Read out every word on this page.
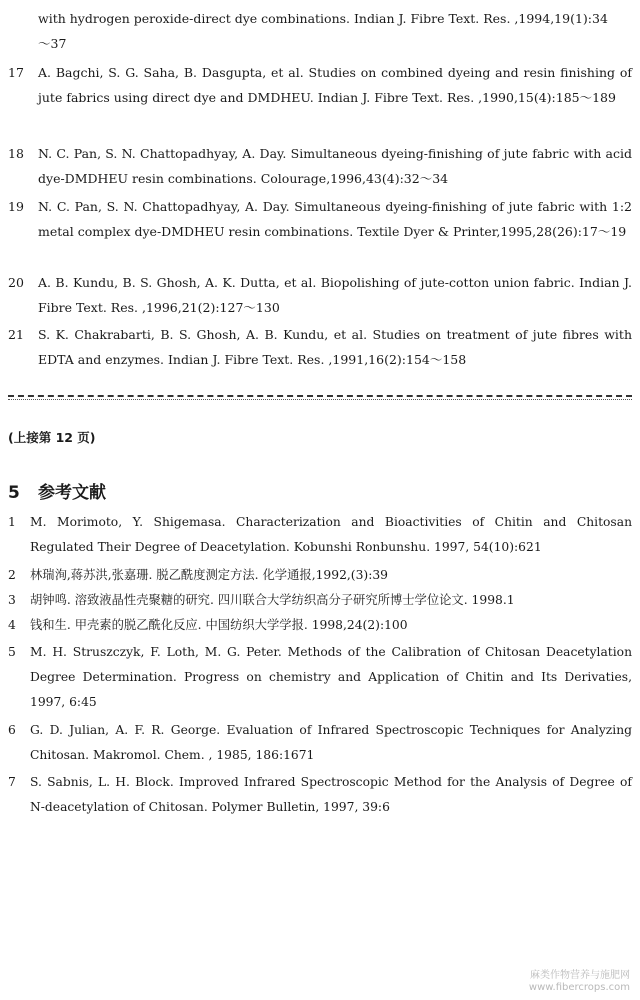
with hydrogen peroxide-direct dye combinations. Indian J. Fibre Text. Res. ,1994,19(1):34
～37
17	A. Bagchi, S. G. Saha, B. Dasgupta, et al. Studies on combined dyeing and resin finishing of jute fabrics using direct dye and DMDHEU. Indian J. Fibre Text. Res. ,1990,15(4):185～189
18	N. C. Pan, S. N. Chattopadhyay, A. Day. Simultaneous dyeing-finishing of jute fabric with acid dye-DMDHEU resin combinations. Colourage,1996,43(4):32～34
19	N. C. Pan, S. N. Chattopadhyay, A. Day. Simultaneous dyeing-finishing of jute fabric with 1:2 metal complex dye-DMDHEU resin combinations. Textile Dyer & Printer,1995,28(26):17～19
20	A. B. Kundu, B. S. Ghosh, A. K. Dutta, et al. Biopolishing of jute-cotton union fabric. Indian J. Fibre Text. Res. ,1996,21(2):127～130
21	S. K. Chakrabarti, B. S. Ghosh, A. B. Kundu, et al. Studies on treatment of jute fibres with EDTA and enzymes. Indian J. Fibre Text. Res. ,1991,16(2):154～158
(上接第 12 页)
5 参考文献
1	M. Morimoto, Y. Shigemasa. Characterization and Bioactivities of Chitin and Chitosan Regulated Their Degree of Deacetylation. Kobunshi Ronbunshu. 1997, 54(10):621
2	林瑞洵,蒋苏洪,张嘉珊. 脱乙酰度测定方法. 化学通报,1992,(3):39
3	胡钟鸣. 溶致液晶性壳聚糖的研究. 四川联合大学纺织高分子研究所博士学位论文. 1998.1
4	钱和生. 甲壳素的脱乙酰化反应. 中国纺织大学学报. 1998,24(2):100
5	M. H. Struszczyk, F. Loth, M. G. Peter. Methods of the Calibration of Chitosan Deacetylation Degree Determination. Progress on chemistry and Application of Chitin and Its Derivaties, 1997, 6:45
6	G. D. Julian, A. F. R. George. Evaluation of Infrared Spectroscopic Techniques for Analyzing Chitosan. Makromol. Chem. , 1985, 186:1671
7	S. Sabnis, L. H. Block. Improved Infrared Spectroscopic Method for the Analysis of Degree of N-deacetylation of Chitosan. Polymer Bulletin, 1997, 39:6
麻类作物营养与施肥网
www.fibercrops.com
